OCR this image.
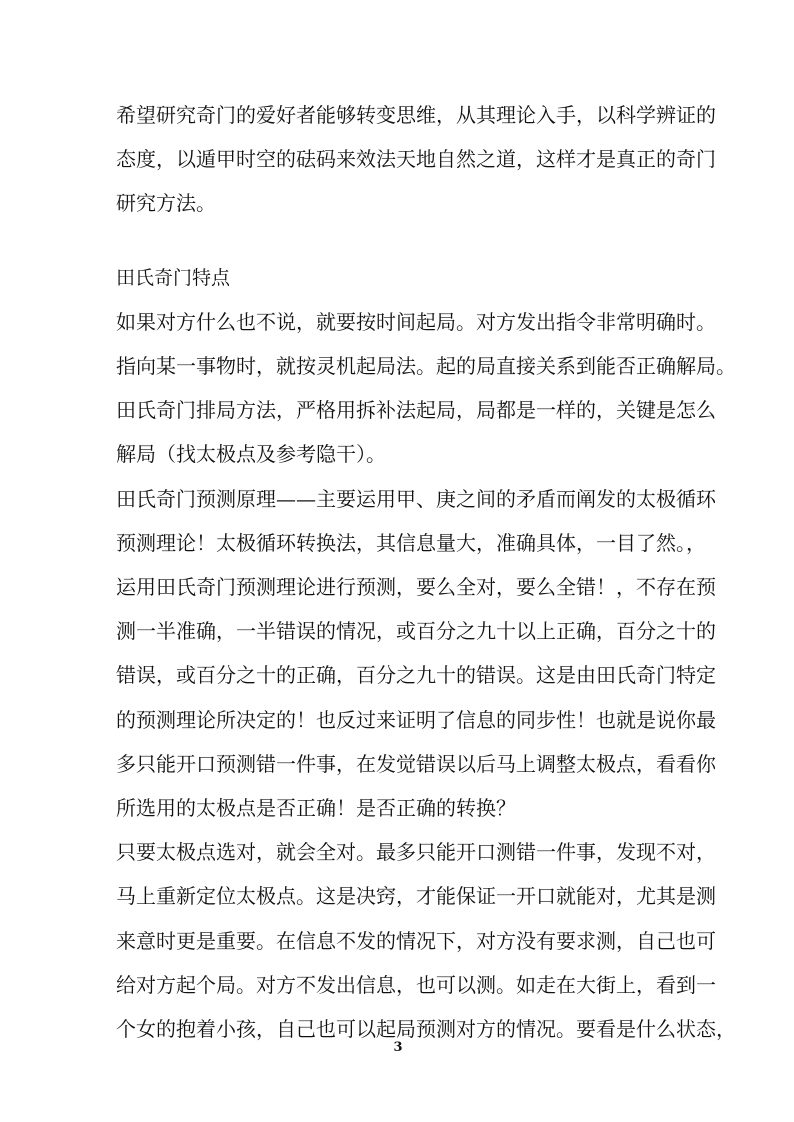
希望研究奇门的爱好者能够转变思维，从其理论入手，以科学辨证的

态度，以遁甲时空的砝码来效法天地自然之道，这样才是真正的奇门

研究方法。

田氏奇门特点

如果对方什么也不说，就要按时间起局。对方发出指令非常明确时。

指向某一事物时，就按灵机起局法。起的局直接关系到能否正确解局。

田氏奇门排局方法，严格用拆补法起局，局都是一样的，关键是怎么

解局（找太极点及参考隐干）。

田氏奇门预测原理——主要运用甲、庚之间的矛盾而阐发的太极循环

预测理论！太极循环转换法，其信息量大，准确具体，一目了然。，

运用田氏奇门预测理论进行预测，要么全对，要么全错！，不存在预

测一半准确，一半错误的情况，或百分之九十以上正确，百分之十的

错误，或百分之十的正确，百分之九十的错误。这是由田氏奇门特定

的预测理论所决定的！也反过来证明了信息的同步性！也就是说你最

多只能开口预测错一件事，在发觉错误以后马上调整太极点，看看你

所选用的太极点是否正确！是否正确的转换？

只要太极点选对，就会全对。最多只能开口测错一件事，发现不对，

马上重新定位太极点。这是决窍，才能保证一开口就能对，尤其是测

来意时更是重要。在信息不发的情况下，对方没有要求测，自己也可

给对方起个局。对方不发出信息，也可以测。如走在大街上，看到一

3

个女的抱着小孩，自己也可以起局预测对方的情况。要看是什么状态，
